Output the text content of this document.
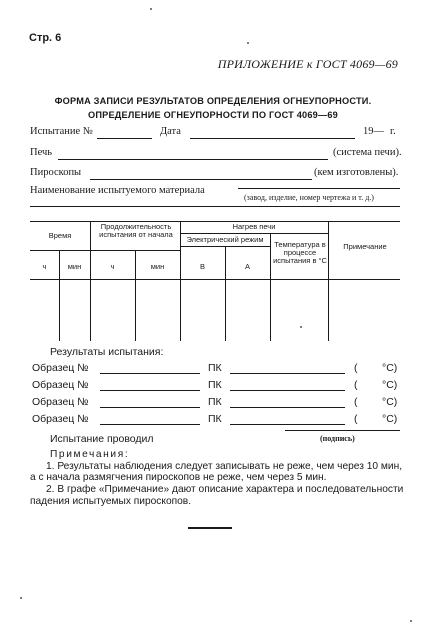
Стр. 6
ПРИЛОЖЕНИЕ к ГОСТ 4069—69
ФОРМА ЗАПИСИ РЕЗУЛЬТАТОВ ОПРЕДЕЛЕНИЯ ОГНЕУПОРНОСТИ.
ОПРЕДЕЛЕНИЕ ОГНЕУПОРНОСТИ ПО ГОСТ 4069—69
Испытание №	Дата	19— г.
Печь	(система печи).
Пироскопы	(кем изготовлены).
Наименование испытуемого материала
(завод, изделие, номер чертежа и т. д.)
Время
Продолжительность испытания от начала
Нагрев печи
Электрический режим
Температура в процессе испытания в °С
Примечание
ч	мин	ч	мин	В	А
Результаты испытания:
Образец №	ПК	( °С)
Образец №	ПК	( °С)
Образец №	ПК	( °С)
Образец №	ПК	( °С)
Испытание проводил	(подпись)
Примечания:
1. Результаты наблюдения следует записывать не реже, чем через 10 мин,
а с начала размягчения пироскопов не реже, чем через 5 мин.
2. В графе «Примечание» дают описание характера и последовательности
падения испытуемых пироскопов.
